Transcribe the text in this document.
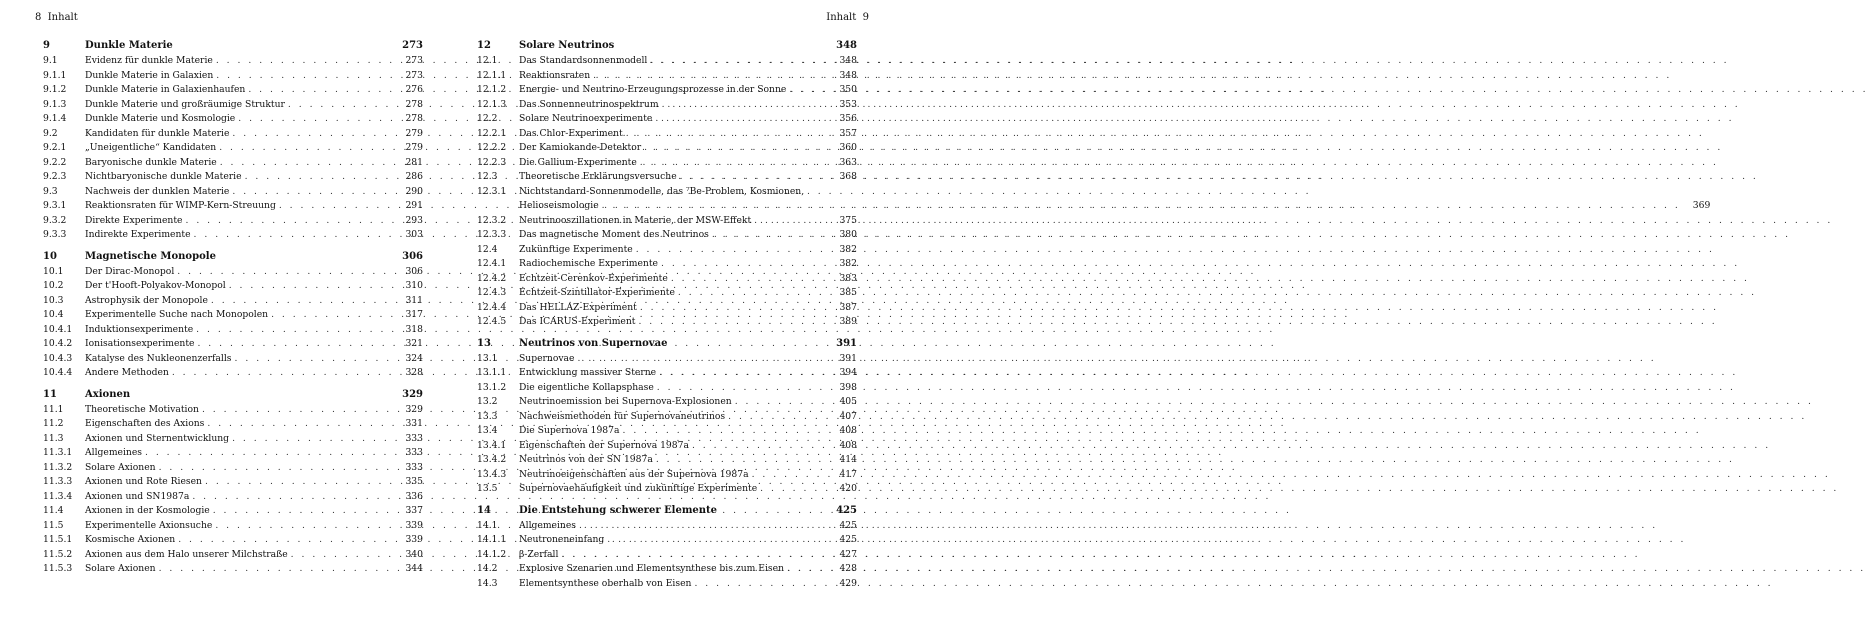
8 Inhalt
9	Dunkle Materie	273
9.1	Evidenz für dunkle Materie . . .	273
9.1.1	Dunkle Materie in Galaxien . . .	273
9.1.2	Dunkle Materie in Galaxienhaufen . . .	276
9.1.3	Dunkle Materie und großräumige Struktur . . .	278
9.1.4	Dunkle Materie und Kosmologie . . .	278
9.2	Kandidaten für dunkle Materie . . .	279
9.2.1	„Uneigentliche“ Kandidaten . . .	279
9.2.2	Baryonische dunkle Materie . . .	281
9.2.3	Nichtbaryonische dunkle Materie . . .	286
9.3	Nachweis der dunklen Materie . . .	290
9.3.1	Reaktionsraten für WIMP-Kern-Streuung . . .	291
9.3.2	Direkte Experimente . . .	293
9.3.3	Indirekte Experimente . . .	303
10	Magnetische Monopole	306
10.1	Der Dirac-Monopol . . .	306
10.2	Der t'Hooft-Polyakov-Monopol . . .	310
10.3	Astrophysik der Monopole . . .	311
10.4	Experimentelle Suche nach Monopolen . . .	317
10.4.1	Induktionsexperimente . . .	318
10.4.2	Ionisationsexperimente . . .	321
10.4.3	Katalyse des Nukleonenzerfalls . . .	324
10.4.4	Andere Methoden . . .	328
11	Axionen	329
11.1	Theoretische Motivation . . .	329
11.2	Eigenschaften des Axions . . .	331
11.3	Axionen und Sternentwicklung . . .	333
11.3.1	Allgemeines . . .	333
11.3.2	Solare Axionen . . .	333
11.3.3	Axionen und Rote Riesen . . .	335
11.3.4	Axionen und SN1987a . . .	336
11.4	Axionen in der Kosmologie . . .	337
11.5	Experimentelle Axionsuche . . .	339
11.5.1	Kosmische Axionen . . .	339
11.5.2	Axionen aus dem Halo unserer Milchstraße . . .	340
11.5.3	Solare Axionen . . .	344
Inhalt 9
12	Solare Neutrinos	348
12.1	Das Standardsonnenmodell . . .	348
12.1.1	Reaktionsraten . . .	348
12.1.2	Energie- und Neutrino-Erzeugungsprozesse in der Sonne . . .	350
12.1.3	Das Sonnenneutrinospektrum . . .	353
12.2	Solare Neutrinoexperimente . . .	356
12.2.1	Das Chlor-Experiment . . .	357
12.2.2	Der Kamiokande-Detektor . . .	360
12.2.3	Die Gallium-Experimente . . .	363
12.3	Theoretische Erklärungsversuche . . .	368
12.3.1	Nichtstandard-Sonnenmodelle, das ⁷Be-Problem, Kosmionen,
Helioseismologie . . .	369
12.3.2	Neutrinooszillationen in Materie, der MSW-Effekt . . .	375
12.3.3	Das magnetische Moment des Neutrinos . . .	380
12.4	Zukünftige Experimente . . .	382
12.4.1	Radiochemische Experimente . . .	382
12.4.2	Echtzeit-Cerenkov-Experimente . . .	383
12.4.3	Echtzeit-Szintillator-Experimente . . .	385
12.4.4	Das HELLAZ-Experiment . . .	387
12.4.5	Das ICARUS-Experiment . . .	389
13	Neutrinos von Supernovae	391
13.1	Supernovae . . .	391
13.1.1	Entwicklung massiver Sterne . . .	394
13.1.2	Die eigentliche Kollapsphase . . .	398
13.2	Neutrinoemission bei Supernova-Explosionen . . .	405
13.3	Nachweismethoden für Supernovaneutrinos . . .	407
13.4	Die Supernova 1987a . . .	408
13.4.1	Eigenschaften der Supernova 1987a . . .	408
13.4.2	Neutrinos von der SN 1987a . . .	414
13.4.3	Neutrinoeigenschaften aus der Supernova 1987a . . .	417
13.5	Supernovaehäufigkeit und zukünftige Experimente . . .	420
14	Die Entstehung schwerer Elemente	425
14.1	Allgemeines . . .	425
14.1.1	Neutroneneinfang . . .	425
14.1.2	β-Zerfall . . .	427
14.2	Explosive Szenarien und Elementsynthese bis zum Eisen . . .	428
14.3	Elementsynthese oberhalb von Eisen . . .	429
